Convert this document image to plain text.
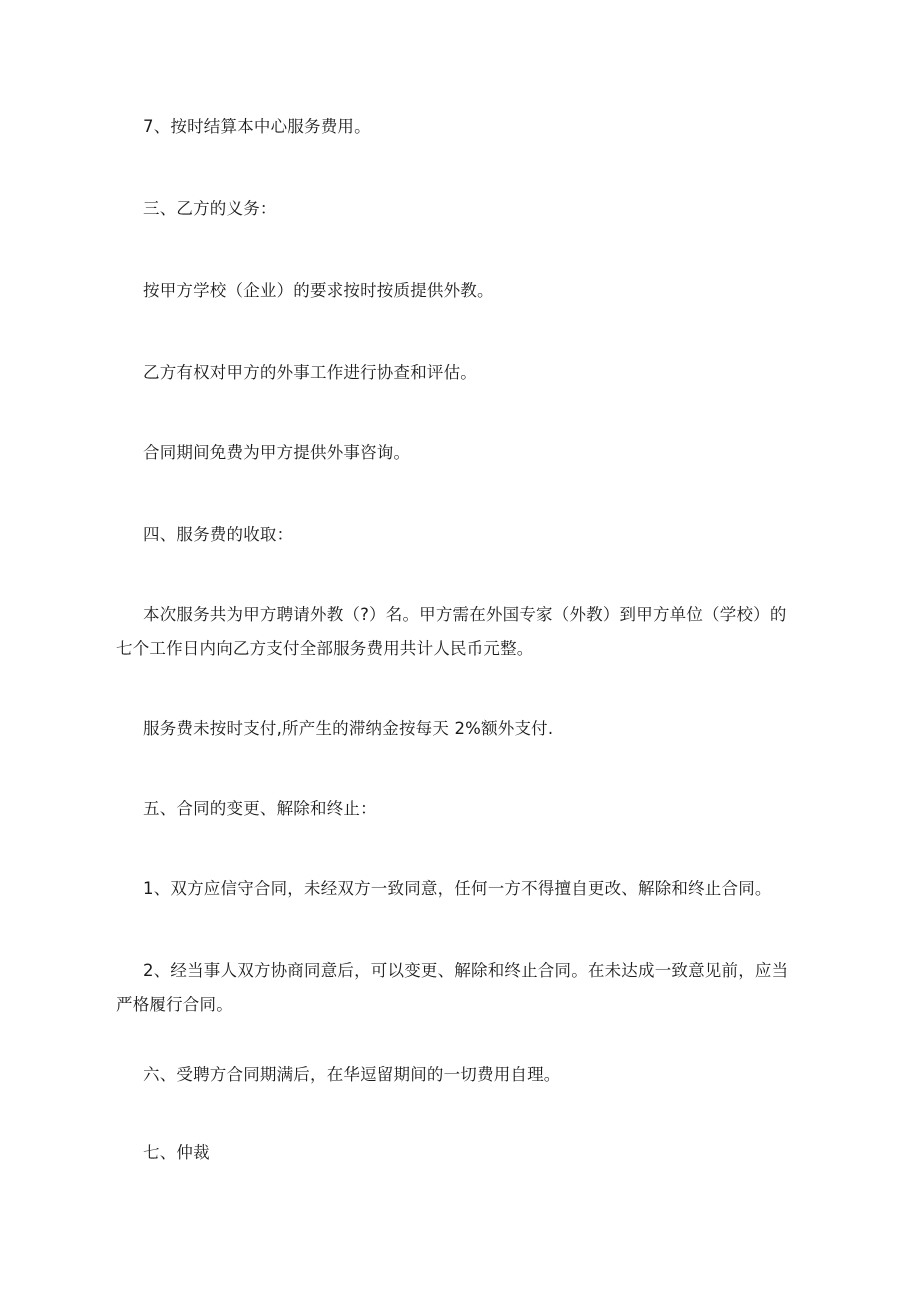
7、按时结算本中心服务费用。
三、乙方的义务：
按甲方学校（企业）的要求按时按质提供外教。
乙方有权对甲方的外事工作进行协查和评估。
合同期间免费为甲方提供外事咨询。
四、服务费的收取：
本次服务共为甲方聘请外教（?）名。甲方需在外国专家（外教）到甲方单位（学校）的
七个工作日内向乙方支付全部服务费用共计人民币元整。
服务费未按时支付,所产生的滞纳金按每天 2%额外支付.
五、合同的变更、解除和终止：
1、双方应信守合同，未经双方一致同意，任何一方不得擅自更改、解除和终止合同。
2、经当事人双方协商同意后，可以变更、解除和终止合同。在未达成一致意见前，应当
严格履行合同。
六、受聘方合同期满后，在华逗留期间的一切费用自理。
七、仲裁
